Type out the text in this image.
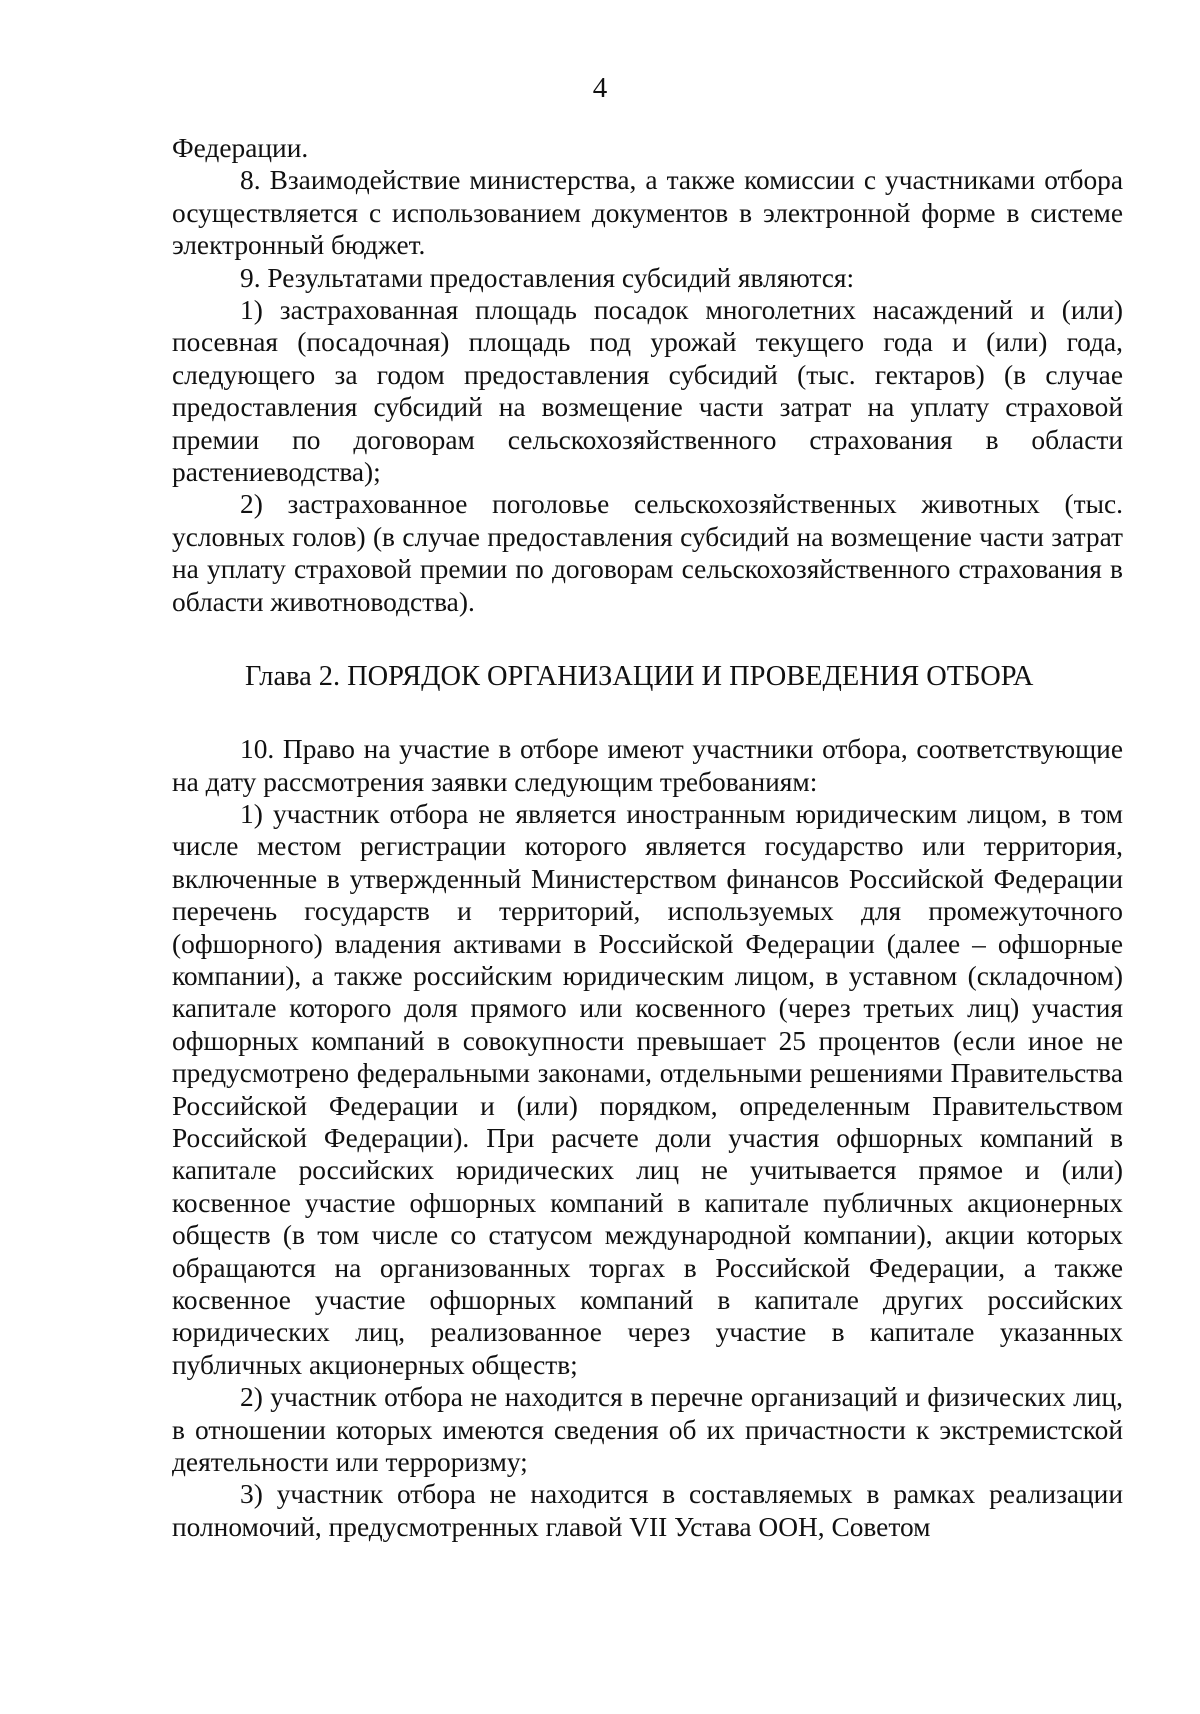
4

Федерации.

8. Взаимодействие министерства, а также комиссии с участниками отбора осуществляется с использованием документов в электронной форме в системе электронный бюджет.

9. Результатами предоставления субсидий являются:

1) застрахованная площадь посадок многолетних насаждений и (или) посевная (посадочная) площадь под урожай текущего года и (или) года, следующего за годом предоставления субсидий (тыс. гектаров) (в случае предоставления субсидий на возмещение части затрат на уплату страховой премии по договорам сельскохозяйственного страхования в области растениеводства);

2) застрахованное поголовье сельскохозяйственных животных (тыс. условных голов) (в случае предоставления субсидий на возмещение части затрат на уплату страховой премии по договорам сельскохозяйственного страхования в области животноводства).

Глава 2. ПОРЯДОК ОРГАНИЗАЦИИ И ПРОВЕДЕНИЯ ОТБОРА

10. Право на участие в отборе имеют участники отбора, соответствующие на дату рассмотрения заявки следующим требованиям:

1) участник отбора не является иностранным юридическим лицом, в том числе местом регистрации которого является государство или территория, включенные в утвержденный Министерством финансов Российской Федерации перечень государств и территорий, используемых для промежуточного (офшорного) владения активами в Российской Федерации (далее – офшорные компании), а также российским юридическим лицом, в уставном (складочном) капитале которого доля прямого или косвенного (через третьих лиц) участия офшорных компаний в совокупности превышает 25 процентов (если иное не предусмотрено федеральными законами, отдельными решениями Правительства Российской Федерации и (или) порядком, определенным Правительством Российской Федерации). При расчете доли участия офшорных компаний в капитале российских юридических лиц не учитывается прямое и (или) косвенное участие офшорных компаний в капитале публичных акционерных обществ (в том числе со статусом международной компании), акции которых обращаются на организованных торгах в Российской Федерации, а также косвенное участие офшорных компаний в капитале других российских юридических лиц, реализованное через участие в капитале указанных публичных акционерных обществ;

2) участник отбора не находится в перечне организаций и физических лиц, в отношении которых имеются сведения об их причастности к экстремистской деятельности или терроризму;

3) участник отбора не находится в составляемых в рамках реализации полномочий, предусмотренных главой VII Устава ООН, Советом
